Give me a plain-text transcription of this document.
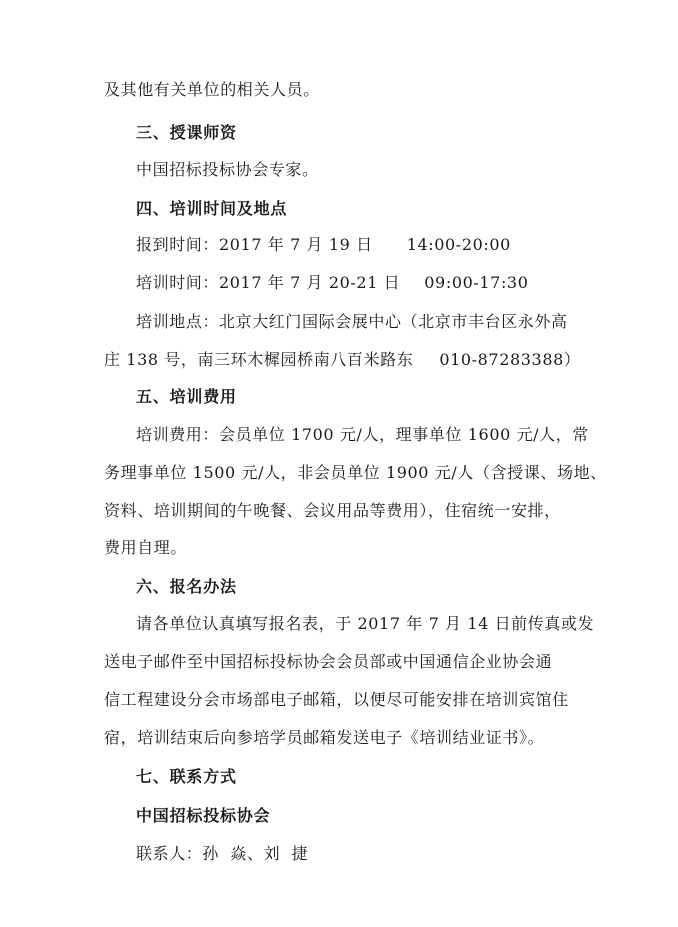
及其他有关单位的相关人员。
三、授课师资
中国招标投标协会专家。
四、培训时间及地点
报到时间：2017 年 7 月 19 日 14:00-20:00
培训时间：2017 年 7 月 20-21 日 09:00-17:30
培训地点：北京大红门国际会展中心（北京市丰台区永外高
庄 138 号，南三环木樨园桥南八百米路东 010-87283388）
五、培训费用
培训费用：会员单位 1700 元/人，理事单位 1600 元/人，常
务理事单位 1500 元/人，非会员单位 1900 元/人（含授课、场地、
资料、培训期间的午晚餐、会议用品等费用），住宿统一安排，
费用自理。
六、报名办法
请各单位认真填写报名表，于 2017 年 7 月 14 日前传真或发
送电子邮件至中国招标投标协会会员部或中国通信企业协会通
信工程建设分会市场部电子邮箱，以便尽可能安排在培训宾馆住
宿，培训结束后向参培学员邮箱发送电子《培训结业证书》。
七、联系方式
中国招标投标协会
联系人：孙  焱、刘  捷
